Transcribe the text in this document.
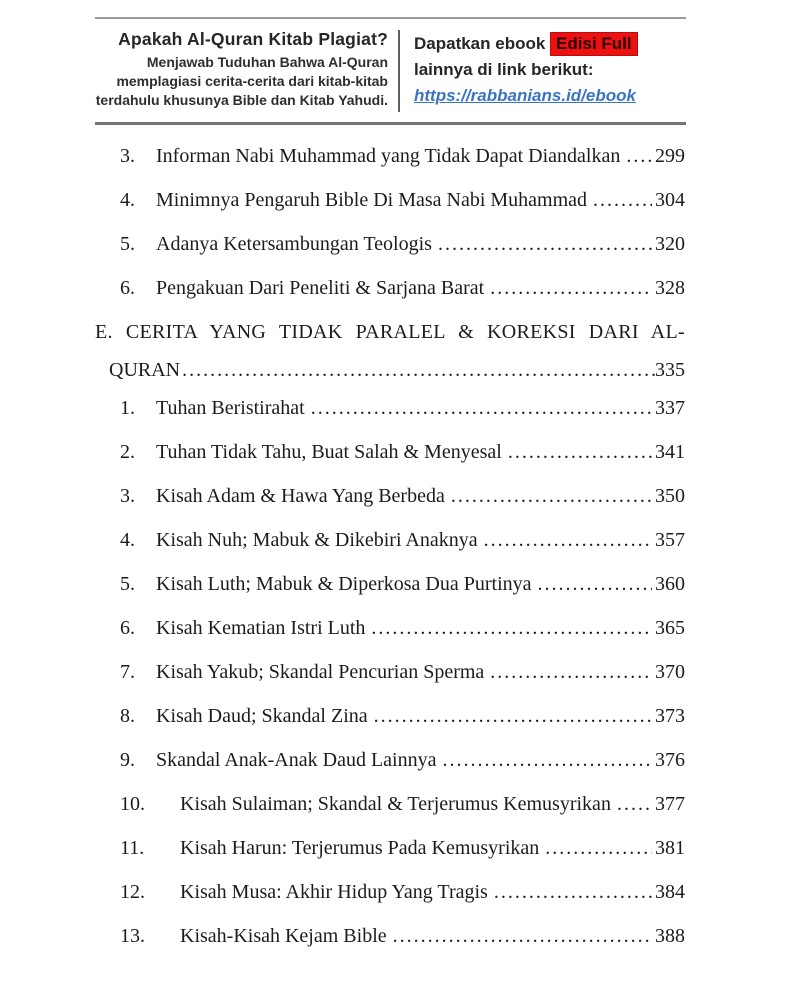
Apakah Al-Quran Kitab Plagiat?
Menjawab Tuduhan Bahwa Al-Quran
memplagiasi cerita-cerita dari kitab-kitab
terdahulu khusunya Bible dan Kitab Yahudi.
Dapatkan ebook Edisi Full
lainnya di link berikut:
https://rabbanians.id/ebook
3.	Informan Nabi Muhammad yang Tidak Dapat Diandalkan . . . 299
4.	Minimnya Pengaruh Bible Di Masa Nabi Muhammad . . .	304
5.	Adanya Ketersambungan Teologis . . .	320
6.	Pengakuan Dari Peneliti & Sarjana Barat . . .	328
E. CERITA YANG TIDAK PARALEL & KOREKSI DARI AL-
QURAN . . .	335
1.	Tuhan Beristirahat . . .	337
2.	Tuhan Tidak Tahu, Buat Salah & Menyesal . . .	341
3.	Kisah Adam & Hawa Yang Berbeda . . .	350
4.	Kisah Nuh; Mabuk & Dikebiri Anaknya . . .	357
5.	Kisah Luth; Mabuk & Diperkosa Dua Purtinya . . .	360
6.	Kisah Kematian Istri Luth . . .	365
7.	Kisah Yakub; Skandal Pencurian Sperma . . .	370
8.	Kisah Daud; Skandal Zina . . .	373
9.	Skandal Anak-Anak Daud Lainnya . . .	376
10.	Kisah Sulaiman; Skandal & Terjerumus Kemusyrikan . . . 377
11.	Kisah Harun: Terjerumus Pada Kemusyrikan . . .	381
12.	Kisah Musa: Akhir Hidup Yang Tragis . . .	384
13.	Kisah-Kisah Kejam Bible . . .	388
